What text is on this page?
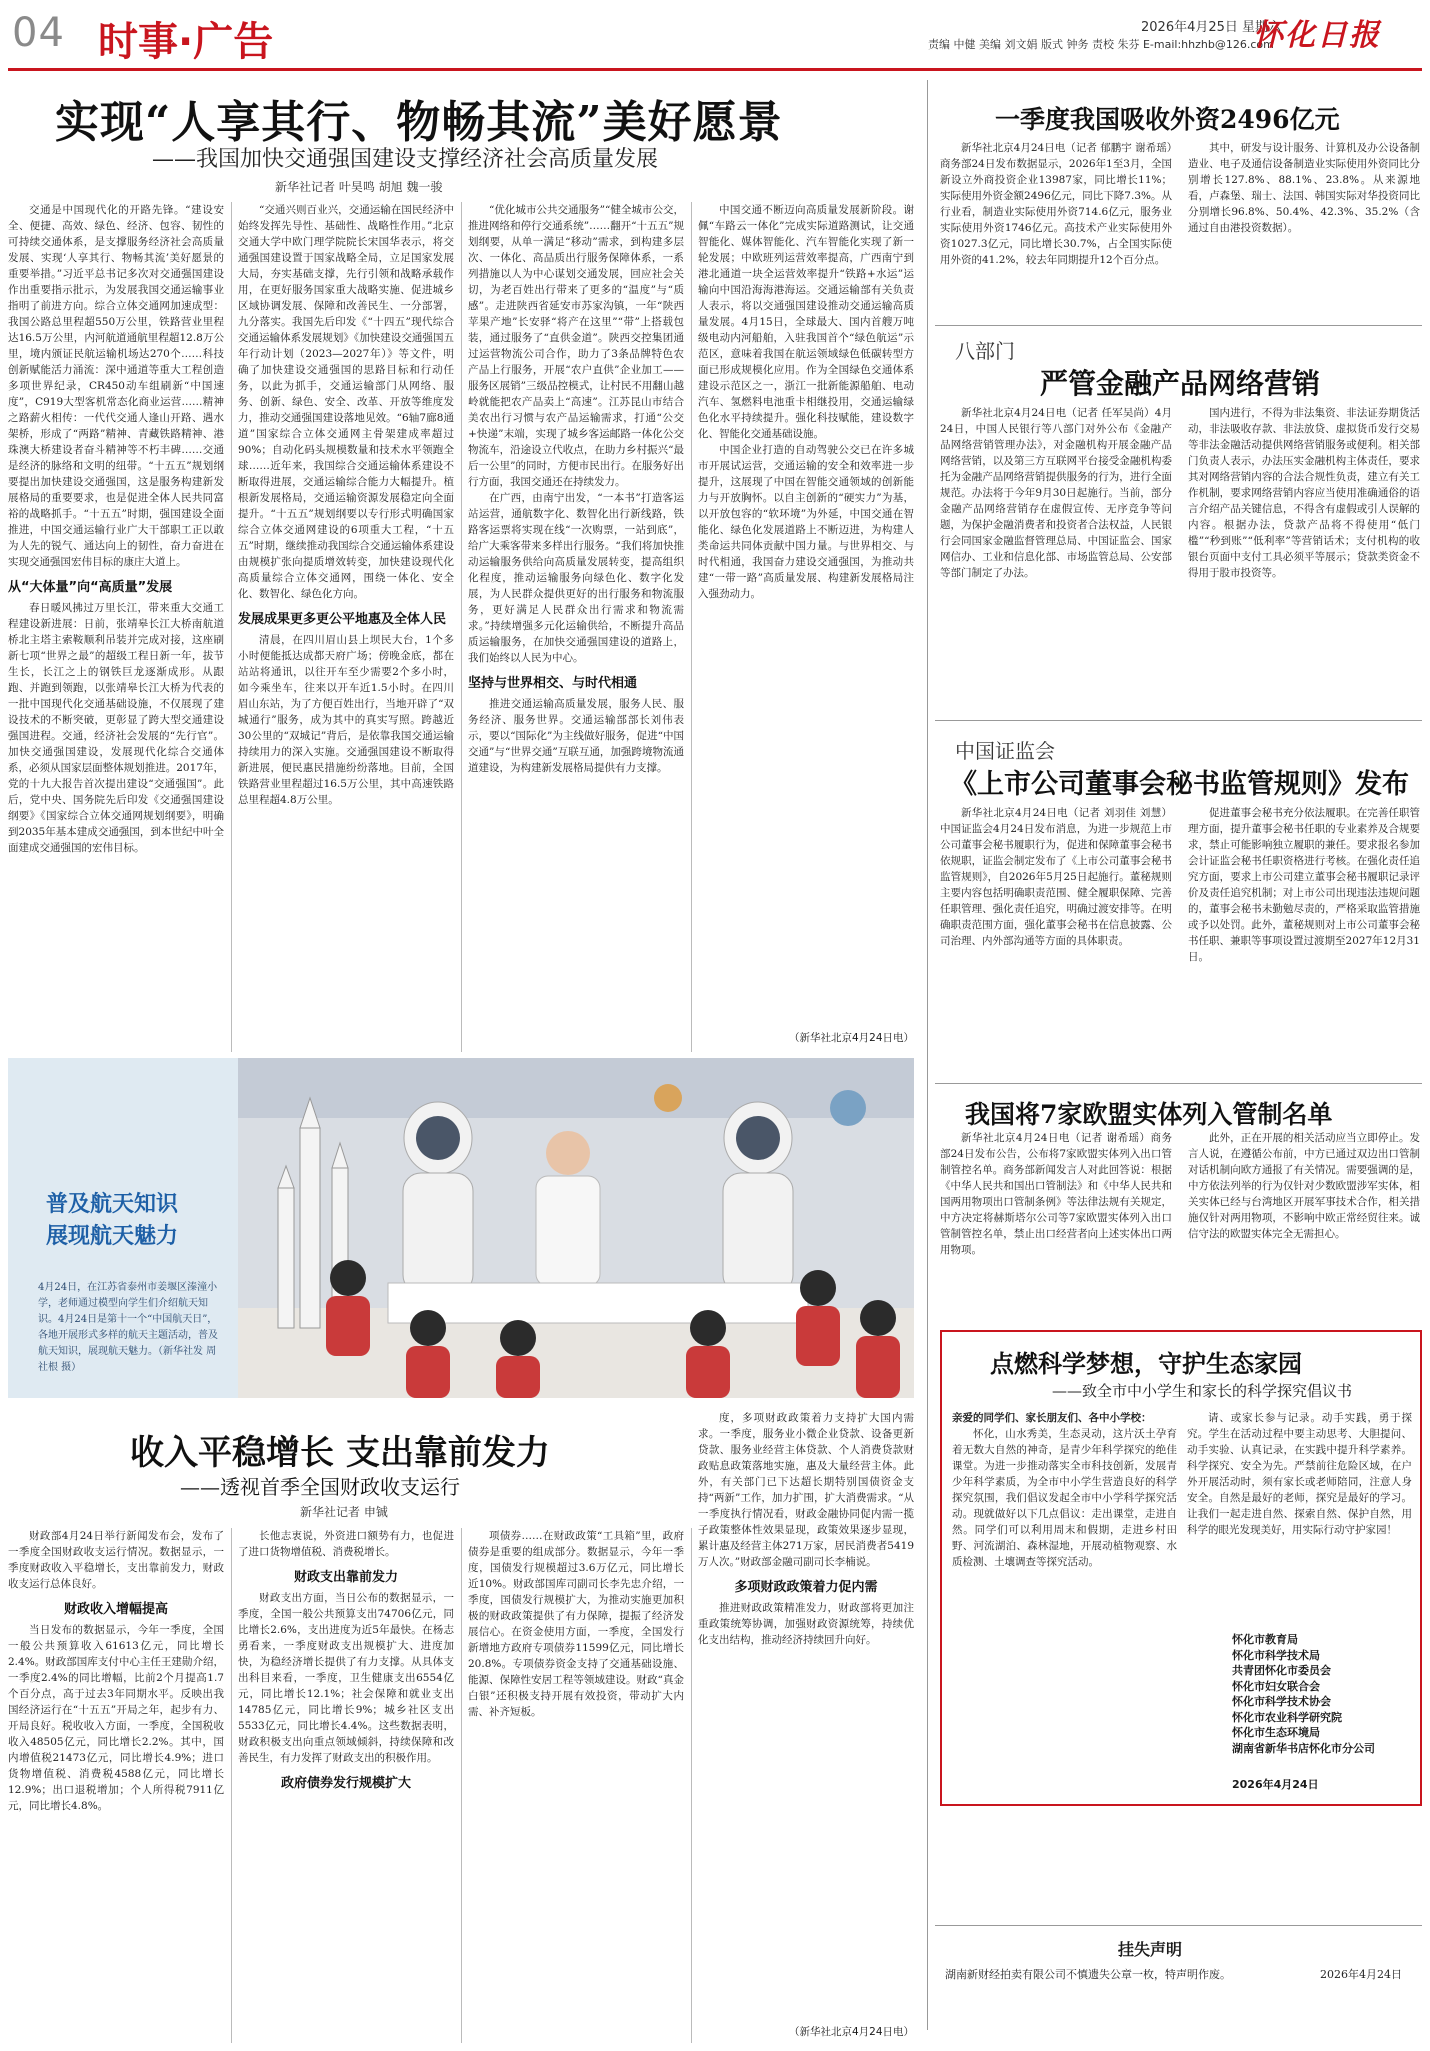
04 时事·广告	2026年4月25日 星期六
责编 中健 美编 刘文娟 版式 钟务 责校 朱芬 E-mail:hhzhb@126.com
怀化日报
实现“人享其行、物畅其流”美好愿景
——我国加快交通强国建设支撑经济社会高质量发展
新华社记者 叶昊鸣 胡旭 魏一骏

交通是中国现代化的开路先锋。“建设安全、便捷、高效、绿色、经济、包容、韧性的可持续交通体系，是支撑服务经济社会高质量发展、实现‘人享其行、物畅其流’美好愿景的重要举措。”习近平总书记多次对交通强国建设作出重要指示批示，为发展我国交通运输事业指明了前进方向。综合立体交通网加速成型：我国公路总里程超550万公里，铁路营业里程达16.5万公里，内河航道通航里程超12.8万公里，境内颁证民航运输机场达270个……科技创新赋能活力涌流：深中通道等重大工程创造多项世界纪录，CR450动车组刷新“中国速度”，C919大型客机常态化商业运营……精神之路薪火相传：一代代交通人逢山开路、遇水架桥，形成了“两路”精神、青藏铁路精神、港珠澳大桥建设者奋斗精神等不朽丰碑……交通是经济的脉络和文明的纽带。“十五五”规划纲要提出加快建设交通强国，这是服务构建新发展格局的重要要求，也是促进全体人民共同富裕的战略抓手。“十五五”时期，强国建设全面推进，中国交通运输行业广大干部职工正以敢为人先的锐气、通达向上的韧性，奋力奋进在实现交通强国宏伟目标的康庄大道上。

从“大体量”向“高质量”发展

春日暖风拂过万里长江，带来重大交通工程建设新进展：日前，张靖皋长江大桥南航道桥北主塔主索鞍顺利吊装并完成对接，这座刷新七项“世界之最”的超级工程日新一年，拔节生长，长江之上的钢铁巨龙逐渐成形。从跟跑、并跑到领跑，以张靖皋长江大桥为代表的一批中国现代化交通基础设施，不仅展现了建设技术的不断突破，更彰显了跨大型交通建设强国进程。交通，经济社会发展的“先行官”。加快交通强国建设，发展现代化综合交通体系，必须从国家层面整体规划推进。2017年，党的十九大报告首次提出建设“交通强国”。此后，党中央、国务院先后印发《交通强国建设纲要》《国家综合立体交通网规划纲要》，明确到2035年基本建成交通强国，到本世纪中叶全面建成交通强国的宏伟目标。

“交通兴则百业兴，交通运输在国民经济中始终发挥先导性、基础性、战略性作用。”北京交通大学中欧门理学院院长宋国华表示，将交通强国建设置于国家战略全局，立足国家发展大局，夯实基础支撑，先行引领和战略承载作用，在更好服务国家重大战略实施、促进城乡区域协调发展、保障和改善民生、一分部署，九分落实。我国先后印发《“十四五”现代综合交通运输体系发展规划》《加快建设交通强国五年行动计划（2023—2027年）》等文件，明确了加快建设交通强国的思路目标和行动任务，以此为抓手，交通运输部门从网络、服务、创新、绿色、安全、改革、开放等维度发力，推动交通强国建设落地见效。“6轴7廊8通道”国家综合立体交通网主骨架建成率超过90%；自动化码头规模数量和技术水平领跑全球……近年来，我国综合交通运输体系建设不断取得进展，交通运输综合能力大幅提升。植根新发展格局，交通运输资源发展稳定向全面提升。“十五五”规划纲要以专行形式明确国家综合立体交通网建设的6项重大工程，“十五五”时期，继续推动我国综合交通运输体系建设由规模扩张向提质增效转变，加快建设现代化高质量综合立体交通网，围绕一体化、安全化、数智化、绿色化方向。

发展成果更多更公平地惠及全体人民

清晨，在四川眉山县上坝民大台，1个多小时便能抵达成都天府广场；傍晚金底，都在站站将通讯，以往开车至少需要2个多小时，如今乘坐车，往来以开车近1.5小时。在四川眉山东站，为了方便百姓出行，当地开辟了“双城通行”服务，成为其中的真实写照。跨越近30公里的“双城记”背后，是依靠我国交通运输持续用力的深入实施。交通强国建设不断取得新进展，便民惠民措施纷纷落地。目前，全国铁路营业里程超过16.5万公里，其中高速铁路总里程超4.8万公里。

“优化城市公共交通服务”“健全城市公交，推进网络和停行交通系统”……翻开“十五五”规划纲要，从单一满足“移动”需求，到构建多层次、一体化、高品质出行服务保障体系，一系列措施以人为中心谋划交通发展，回应社会关切，为老百姓出行带来了更多的“温度”与“质感”。走进陕西省延安市苏家沟镇，一年“陕西苹果产地”长安驿“将产在这里”“带”上搭载包装，通过服务了“直供金道”。陕西交控集团通过运营物流公司合作，助力了3条品牌特色农产品上行服务，开展“农户直供”企业加工——服务区展销”三级品控模式，让村民不用翻山越岭就能把农产品卖上“高速”。江苏昆山市结合美农出行习惯与农产品运输需求，打通“公交+快递”末端，实现了城乡客运邮路一体化公交物流车，沿途设立代收点，在助力乡村振兴“最后一公里”的同时，方便市民出行。在服务好出行方面，我国交通还在持续发力。

在广西，由南宁出发，“一本书”打造客运站运营，通航数字化、数智化出行新线路，铁路客运票将实现在线“一次购票，一站到底”，给广大乘客带来多样出行服务。“我们将加快推动运输服务供给向高质量发展转变，提高组织化程度，推动运输服务向绿色化、数字化发展，为人民群众提供更好的出行服务和物流服务，更好满足人民群众出行需求和物流需求。”持续增强多元化运输供给，不断提升高品质运输服务，在加快交通强国建设的道路上，我们始终以人民为中心。

坚持与世界相交、与时代相通

推进交通运输高质量发展，服务人民、服务经济、服务世界。交通运输部部长刘伟表示，要以“国际化”为主线做好服务，促进“中国交通”与“世界交通”互联互通，加强跨境物流通道建设，为构建新发展格局提供有力支撑。

中国交通不断迈向高质量发展新阶段。谢佩“车路云一体化”完成实际道路测试，让交通智能化、媒体智能化、汽车智能化实现了新一轮发展；中欧班列运营效率提高，广西南宁到港北通道一块全运营效率提升“铁路+水运”运输向中国沿海海港海运。交通运输部有关负责人表示，将以交通强国建设推动交通运输高质量发展。4月15日，全球最大、国内首艘万吨级电动内河船舶，入驻我国首个“绿色航运”示范区，意味着我国在航运领域绿色低碳转型方面已形成规模化应用。作为全国绿色交通体系建设示范区之一，浙江一批新能源船舶、电动汽车、氢燃料电池重卡相继投用，交通运输绿色化水平持续提升。强化科技赋能，建设数字化、智能化交通基础设施。

中国企业打造的自动驾驶公交已在许多城市开展试运营，交通运输的安全和效率进一步提升，这展现了中国在智能交通领域的创新能力与开放胸怀。以自主创新的“硬实力”为基，以开放包容的“软环境”为外延，中国交通在智能化、绿色化发展道路上不断迈进，为构建人类命运共同体贡献中国力量。与世界相交、与时代相通，我国奋力建设交通强国，为推动共建“一带一路”高质量发展、构建新发展格局注入强劲动力。

（新华社北京4月24日电）
普及航天知识
展现航天魅力
4月24日，在江苏省泰州市姜堰区溱潼小学，老师通过模型向学生们介绍航天知识。4月24日是第十一个“中国航天日”，各地开展形式多样的航天主题活动，普及航天知识，展现航天魅力。（新华社发 周社根 摄）
收入平稳增长 支出靠前发力
——透视首季全国财政收支运行
新华社记者 申铖

财政部4月24日举行新闻发布会，发布了一季度全国财政收支运行情况。数据显示，一季度财政收入平稳增长，支出靠前发力，财政收支运行总体良好。

财政收入增幅提高

当日发布的数据显示，今年一季度，全国一般公共预算收入61613亿元，同比增长2.4%。财政部国库支付中心主任王建勋介绍，一季度2.4%的同比增幅，比前2个月提高1.7个百分点，高于过去3年同期水平。反映出我国经济运行在“十五五”开局之年，起步有力、开局良好。税收收入方面，一季度，全国税收收入48505亿元，同比增长2.2%。其中，国内增值税21473亿元，同比增长4.9%；进口货物增值税、消费税4588亿元，同比增长12.9%；出口退税增加；个人所得税7911亿元，同比增长4.8%。

长他志衷说，外资进口额势有力，也促进了进口货物增值税、消费税增长。

财政支出靠前发力

财政支出方面，当日公布的数据显示，一季度，全国一般公共预算支出74706亿元，同比增长2.6%，支出进度为近5年最快。在杨志勇看来，一季度财政支出规模扩大、进度加快，为稳经济增长提供了有力支撑。从具体支出科目来看，一季度，卫生健康支出6554亿元，同比增长12.1%；社会保障和就业支出14785亿元，同比增长9%；城乡社区支出5533亿元，同比增长4.4%。这些数据表明，财政积极支出向重点领域倾斜，持续保障和改善民生，有力发挥了财政支出的积极作用。

政府债券发行规模扩大

项债券……在财政政策“工具箱”里，政府债券是重要的组成部分。数据显示，今年一季度，国债发行规模超过3.6万亿元，同比增长近10%。财政部国库司副司长李先忠介绍，一季度，国债发行规模扩大，为推动实施更加积极的财政政策提供了有力保障，提振了经济发展信心。在资金使用方面，一季度，全国发行新增地方政府专项债券11599亿元，同比增长20.8%。专项债券资金支持了交通基础设施、能源、保障性安居工程等领域建设。财政“真金白银”还积极支持开展有效投资，带动扩大内需、补齐短板。

度，多项财政政策着力支持扩大国内需求。一季度，服务业小微企业贷款、设备更新贷款、服务业经营主体贷款、个人消费贷款财政贴息政策落地实施，惠及大量经营主体。此外，有关部门已下达超长期特别国债资金支持“两新”工作，加力扩围，扩大消费需求。“从一季度执行情况看，财政金融协同促内需一揽子政策整体性效果显现，政策效果逐步显现，累计惠及经营主体271万家，居民消费者5419万人次。”财政部金融司副司长李楠说。

多项财政政策着力促内需

推进财政政策精准发力，财政部将更加注重政策统筹协调，加强财政资源统筹，持续优化支出结构，推动经济持续回升向好。

（新华社北京4月24日电）
一季度我国吸收外资2496亿元

新华社北京4月24日电（记者 郁鹏宇 谢希瑶）商务部24日发布数据显示，2026年1至3月，全国新设立外商投资企业13987家，同比增长11%；实际使用外资金额2496亿元，同比下降7.3%。从行业看，制造业实际使用外资714.6亿元，服务业实际使用外资1746亿元。高技术产业实际使用外资1027.3亿元，同比增长30.7%，占全国实际使用外资的41.2%，较去年同期提升12个百分点。

其中，研发与设计服务、计算机及办公设备制造业、电子及通信设备制造业实际使用外资同比分别增长127.8%、88.1%、23.8%。从来源地看，卢森堡、瑞士、法国、韩国实际对华投资同比分别增长96.8%、50.4%、42.3%、35.2%（含通过自由港投资数据）。

八部门
严管金融产品网络营销

新华社北京4月24日电（记者 任军吴尚）4月24日，中国人民银行等八部门对外公布《金融产品网络营销管理办法》，对金融机构开展金融产品网络营销，以及第三方互联网平台接受金融机构委托为金融产品网络营销提供服务的行为，进行全面规范。办法将于今年9月30日起施行。当前，部分金融产品网络营销存在虚假宣传、无序竞争等问题，为保护金融消费者和投资者合法权益，人民银行会同国家金融监督管理总局、中国证监会、国家网信办、工业和信息化部、市场监管总局、公安部等部门制定了办法。

国内进行，不得为非法集资、非法证券期货活动，非法吸收存款、非法放贷、虚拟货币发行交易等非法金融活动提供网络营销服务或便利。相关部门负责人表示，办法压实金融机构主体责任，要求其对网络营销内容的合法合规性负责，建立有关工作机制，要求网络营销内容应当使用准确通俗的语言介绍产品关键信息，不得含有虚假或引人误解的内容。根据办法，贷款产品将不得使用“低门槛”“秒到账”“低利率”等营销话术；支付机构的收银台页面中支付工具必须平等展示；贷款类资金不得用于股市投资等。

中国证监会
《上市公司董事会秘书监管规则》发布

新华社北京4月24日电（记者 刘羽佳 刘慧）中国证监会4月24日发布消息，为进一步规范上市公司董事会秘书履职行为，促进和保障董事会秘书依规职，证监会制定发布了《上市公司董事会秘书监管规则》，自2026年5月25日起施行。董秘规则主要内容包括明确职责范围、健全履职保障、完善任职管理、强化责任追究，明确过渡安排等。在明确职责范围方面，强化董事会秘书在信息披露、公司治理、内外部沟通等方面的具体职责。

促进董事会秘书充分依法履职。在完善任职管理方面，提升董事会秘书任职的专业素养及合规要求，禁止可能影响独立履职的兼任。要求报名参加会计证监会秘书任职资格进行考核。在强化责任追究方面，要求上市公司建立董事会秘书履职记录评价及责任追究机制；对上市公司出现违法违规问题的，董事会秘书未勤勉尽责的，严格采取监管措施或予以处罚。此外，董秘规则对上市公司董事会秘书任职、兼职等事项设置过渡期至2027年12月31日。

我国将7家欧盟实体列入管制名单

新华社北京4月24日电（记者 谢希瑶）商务部24日发布公告，公布将7家欧盟实体列入出口管制管控名单。商务部新闻发言人对此回答说：根据《中华人民共和国出口管制法》和《中华人民共和国两用物项出口管制条例》等法律法规有关规定，中方决定将赫斯塔尔公司等7家欧盟实体列入出口管制管控名单，禁止出口经营者向上述实体出口两用物项。

此外，正在开展的相关活动应当立即停止。发言人说，在遵循公布前，中方已通过双边出口管制对话机制向欧方通报了有关情况。需要强调的是，中方依法列举的行为仅针对少数欧盟涉军实体，相关实体已经与台湾地区开展军事技术合作，相关措施仅针对两用物项，不影响中欧正常经贸往来。诚信守法的欧盟实体完全无需担心。

点燃科学梦想，守护生态家园
——致全市中小学生和家长的科学探究倡议书
亲爱的同学们、家长朋友们、各中小学校：

怀化，山水秀美，生态灵动，这片沃土孕育着无数大自然的神奇，是青少年科学探究的绝佳课堂。为进一步推动落实全市科技创新，发展青少年科学素质，为全市中小学生营造良好的科学探究氛围，我们倡议发起全市中小学科学探究活动。现就做好以下几点倡议：走出课堂，走进自然。同学们可以利用周末和假期，走进乡村田野、河流湖泊、森林湿地，开展动植物观察、水质检测、土壤调查等探究活动。

请、或家长参与记录。动手实践，勇于探究。学生在活动过程中要主动思考、大胆提问、动手实验、认真记录，在实践中提升科学素养。科学探究、安全为先。严禁前往危险区域，在户外开展活动时，须有家长或老师陪同，注意人身安全。自然是最好的老师，探究是最好的学习。让我们一起走进自然、探索自然、保护自然，用科学的眼光发现美好，用实际行动守护家园！

怀化市教育局
怀化市科学技术局
共青团怀化市委员会
怀化市妇女联合会
怀化市科学技术协会
怀化市农业科学研究院
怀化市生态环境局
湖南省新华书店怀化市分公司
2026年4月24日
挂失声明
湖南新财经拍卖有限公司不慎遗失公章一枚，特声明作废。	2026年4月24日
